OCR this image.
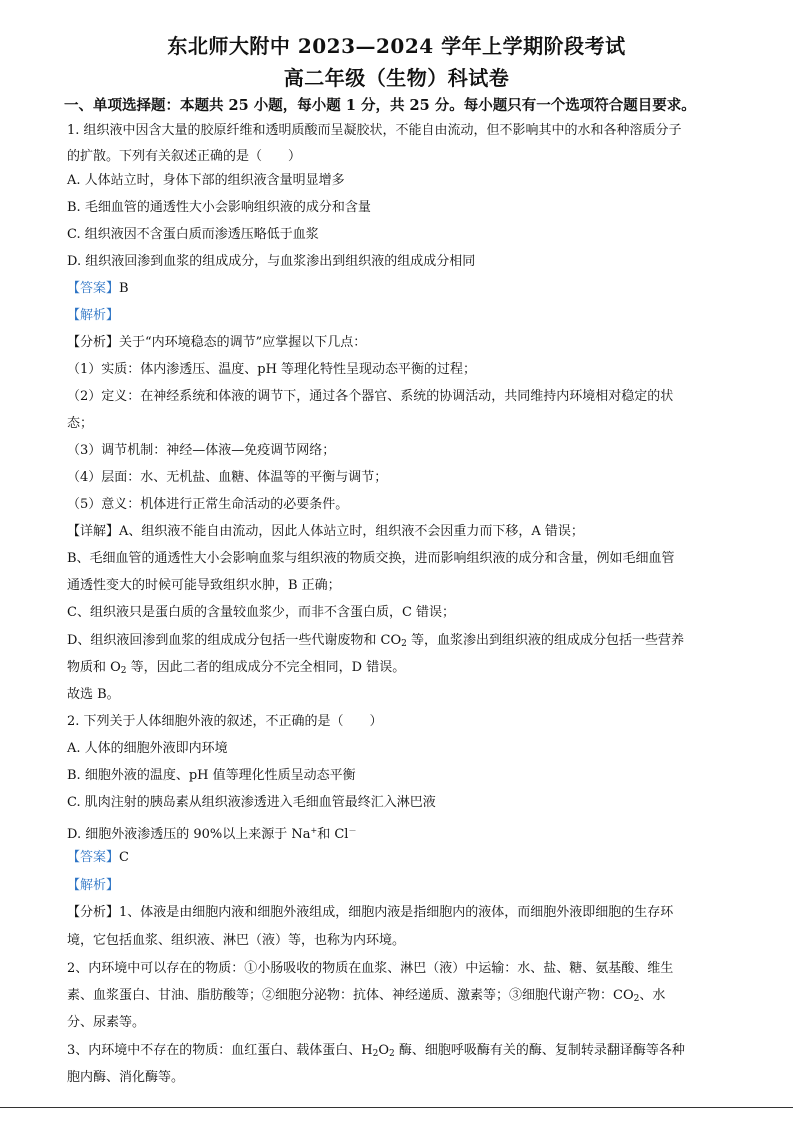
东北师大附中 2023—2024 学年上学期阶段考试
高二年级（生物）科试卷
一、单项选择题：本题共 25 小题，每小题 1 分，共 25 分。每小题只有一个选项符合题目要求。
1. 组织液中因含大量的胶原纤维和透明质酸而呈凝胶状，不能自由流动，但不影响其中的水和各种溶质分子
的扩散。下列有关叙述正确的是（　　）
A. 人体站立时，身体下部的组织液含量明显增多
B. 毛细血管的通透性大小会影响组织液的成分和含量
C. 组织液因不含蛋白质而渗透压略低于血浆
D. 组织液回渗到血浆的组成成分，与血浆渗出到组织液的组成成分相同
【答案】B
【解析】
【分析】关于“内环境稳态的调节”应掌握以下几点：
（1）实质：体内渗透压、温度、pH 等理化特性呈现动态平衡的过程；
（2）定义：在神经系统和体液的调节下，通过各个器官、系统的协调活动，共同维持内环境相对稳定的状
态；
（3）调节机制：神经—体液—免疫调节网络；
（4）层面：水、无机盐、血糖、体温等的平衡与调节；
（5）意义：机体进行正常生命活动的必要条件。
【详解】A、组织液不能自由流动，因此人体站立时，组织液不会因重力而下移，A 错误；
B、毛细血管的通透性大小会影响血浆与组织液的物质交换，进而影响组织液的成分和含量，例如毛细血管
通透性变大的时候可能导致组织水肿，B 正确；
C、组织液只是蛋白质的含量较血浆少，而非不含蛋白质，C 错误；
D、组织液回渗到血浆的组成成分包括一些代谢废物和 $CO_2$ 等，血浆渗出到组织液的组成成分包括一些营养
物质和 $O_2$ 等，因此二者的组成成分不完全相同，D 错误。
故选 B。
2. 下列关于人体细胞外液的叙述，不正确的是（　　）
A. 人体的细胞外液即内环境
B. 细胞外液的温度、pH 值等理化性质呈动态平衡
C. 肌肉注射的胰岛素从组织液渗透进入毛细血管最终汇入淋巴液
D. 细胞外液渗透压的 90%以上来源于 Na+和 Cl－
【答案】C
【解析】
【分析】1、体液是由细胞内液和细胞外液组成，细胞内液是指细胞内的液体，而细胞外液即细胞的生存环
境，它包括血浆、组织液、淋巴（液）等，也称为内环境。
2、内环境中可以存在的物质：①小肠吸收的物质在血浆、淋巴（液）中运输：水、盐、糖、氨基酸、维生
素、血浆蛋白、甘油、脂肪酸等；②细胞分泌物：抗体、神经递质、激素等；③细胞代谢产物：$CO_2$、水
分、尿素等。
3、内环境中不存在的物质：血红蛋白、载体蛋白、$H_2O_2$ 酶、细胞呼吸酶有关的酶、复制转录翻译酶等各种
胞内酶、消化酶等。
